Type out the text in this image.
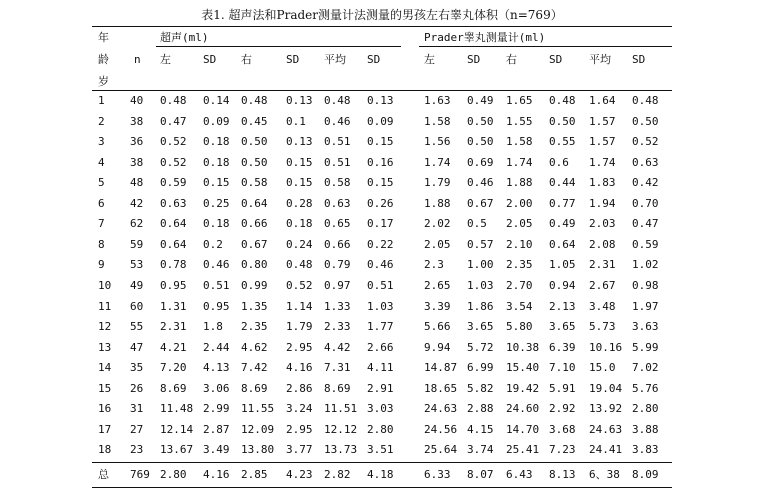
表1. 超声法和Prader测量计法测量的男孩左右睾丸体积（n=769）
年
龄
岁
n
超声(ml)	Prader睾丸测量计(ml)
左	SD 右	SD 平均 SD	左	SD 右	SD 平均 SD
1 40 0.48 0.14 0.48 0.13 0.48 0.13	1.63 0.49 1.65 0.48 1.64 0.48
2 38 0.47 0.09 0.45 0.1 0.46 0.09	1.58 0.50 1.55 0.50 1.57 0.50
3 36 0.52 0.18 0.50 0.13 0.51 0.15	1.56 0.50 1.58 0.55 1.57 0.52
4 38 0.52 0.18 0.50 0.15 0.51 0.16	1.74 0.69 1.74 0.6 1.74 0.63
5 48 0.59 0.15 0.58 0.15 0.58 0.15	1.79 0.46 1.88 0.44 1.83 0.42
6 42 0.63 0.25 0.64 0.28 0.63 0.26	1.88 0.67 2.00 0.77 1.94 0.70
7 62 0.64 0.18 0.66 0.18 0.65 0.17	2.02 0.5 2.05 0.49 2.03 0.47
8 59 0.64 0.2 0.67 0.24 0.66 0.22	2.05 0.57 2.10 0.64 2.08 0.59
9 53 0.78 0.46 0.80 0.48 0.79 0.46	2.3 1.00 2.35 1.05 2.31 1.02
10 49 0.95 0.51 0.99 0.52 0.97 0.51	2.65 1.03 2.70 0.94 2.67 0.98
11 60 1.31 0.95 1.35 1.14 1.33 1.03	3.39 1.86 3.54 2.13 3.48 1.97
12 55 2.31 1.8 2.35 1.79 2.33 1.77	5.66 3.65 5.80 3.65 5.73 3.63
13 47 4.21 2.44 4.62 2.95 4.42 2.66	9.94 5.72 10.38 6.39 10.16 5.99
14 35 7.20 4.13 7.42 4.16 7.31 4.11	14.87 6.99 15.40 7.10 15.0 7.02
15 26 8.69 3.06 8.69 2.86 8.69 2.91	18.65 5.82 19.42 5.91 19.04 5.76
16 31 11.48 2.99 11.55 3.24 11.51 3.03	24.63 2.88 24.60 2.92 13.92 2.80
17 27 12.14 2.87 12.09 2.95 12.12 2.80	24.56 4.15 14.70 3.68 24.63 3.88
18 23 13.67 3.49 13.80 3.77 13.73 3.51	25.64 3.74 25.41 7.23 24.41 3.83
总 769 2.80 4.16 2.85 4.23 2.82 4.18	6.33 8.07 6.43 8.13 6、38 8.09
